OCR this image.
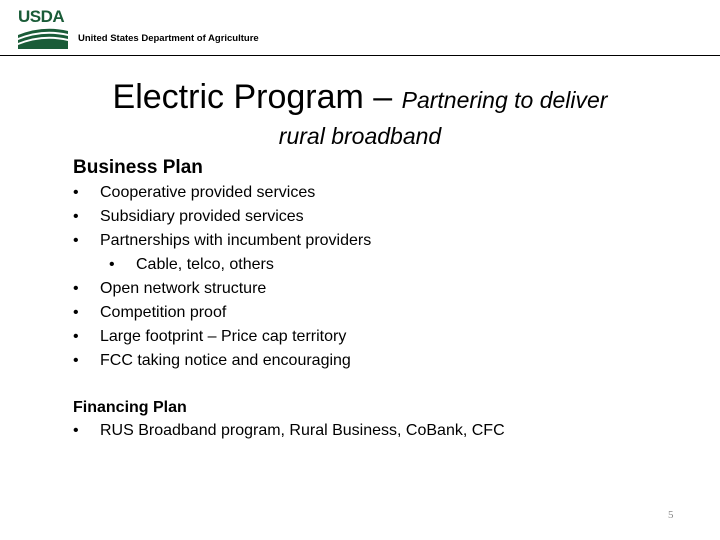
USDA
United States Department of Agriculture
Electric Program – Partnering to deliver
rural broadband
Business Plan
• Cooperative provided services
• Subsidiary provided services
• Partnerships with incumbent providers
• Cable, telco, others
• Open network structure
• Competition proof
• Large footprint – Price cap territory
• FCC taking notice and encouraging
Financing Plan
• RUS Broadband program, Rural Business, CoBank, CFC
5
